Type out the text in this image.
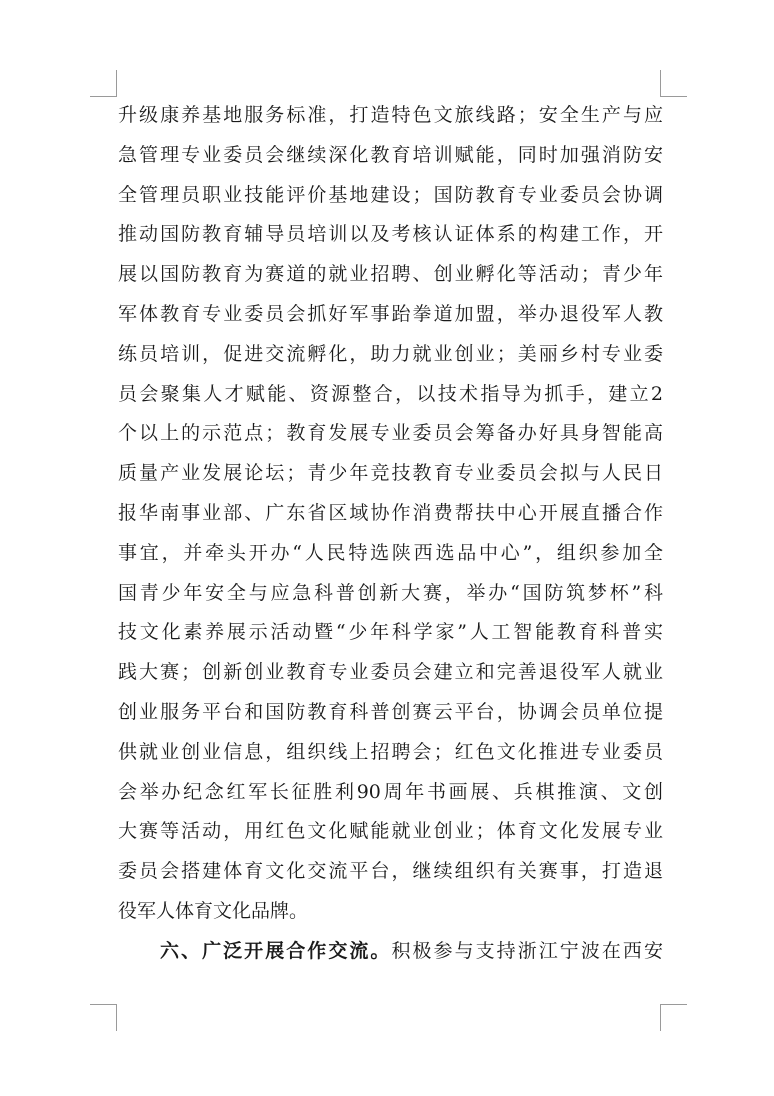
升级康养基地服务标准，打造特色文旅线路；安全生产与应
急管理专业委员会继续深化教育培训赋能，同时加强消防安
全管理员职业技能评价基地建设；国防教育专业委员会协调
推动国防教育辅导员培训以及考核认证体系的构建工作，开
展以国防教育为赛道的就业招聘、创业孵化等活动；青少年
军体教育专业委员会抓好军事跆拳道加盟，举办退役军人教
练员培训，促进交流孵化，助力就业创业；美丽乡村专业委
员会聚集人才赋能、资源整合，以技术指导为抓手，建立2
个以上的示范点；教育发展专业委员会筹备办好具身智能高
质量产业发展论坛；青少年竞技教育专业委员会拟与人民日
报华南事业部、广东省区域协作消费帮扶中心开展直播合作
事宜，并牵头开办“人民特选陕西选品中心”，组织参加全
国青少年安全与应急科普创新大赛，举办“国防筑梦杯”科
技文化素养展示活动暨“少年科学家”人工智能教育科普实
践大赛；创新创业教育专业委员会建立和完善退役军人就业
创业服务平台和国防教育科普创赛云平台，协调会员单位提
供就业创业信息，组织线上招聘会；红色文化推进专业委员
会举办纪念红军长征胜利90周年书画展、兵棋推演、文创
大赛等活动，用红色文化赋能就业创业；体育文化发展专业
委员会搭建体育文化交流平台，继续组织有关赛事，打造退
役军人体育文化品牌。
六、广泛开展合作交流。积极参与支持浙江宁波在西安
